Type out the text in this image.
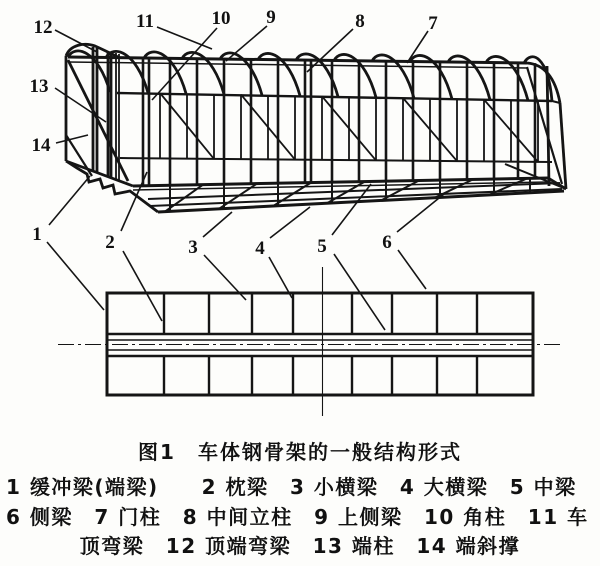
1	2	3	4	5	6
7
8
9
10
11
12
13
14
图1　车体钢骨架的一般结构形式
1 缓冲梁(端梁)　　2 枕梁　3 小横梁　4 大横梁　5 中梁
6 侧梁　7 门柱　8 中间立柱　9 上侧梁　10 角柱　11 车
顶弯梁　12 顶端弯梁　13 端柱　14 端斜撑
